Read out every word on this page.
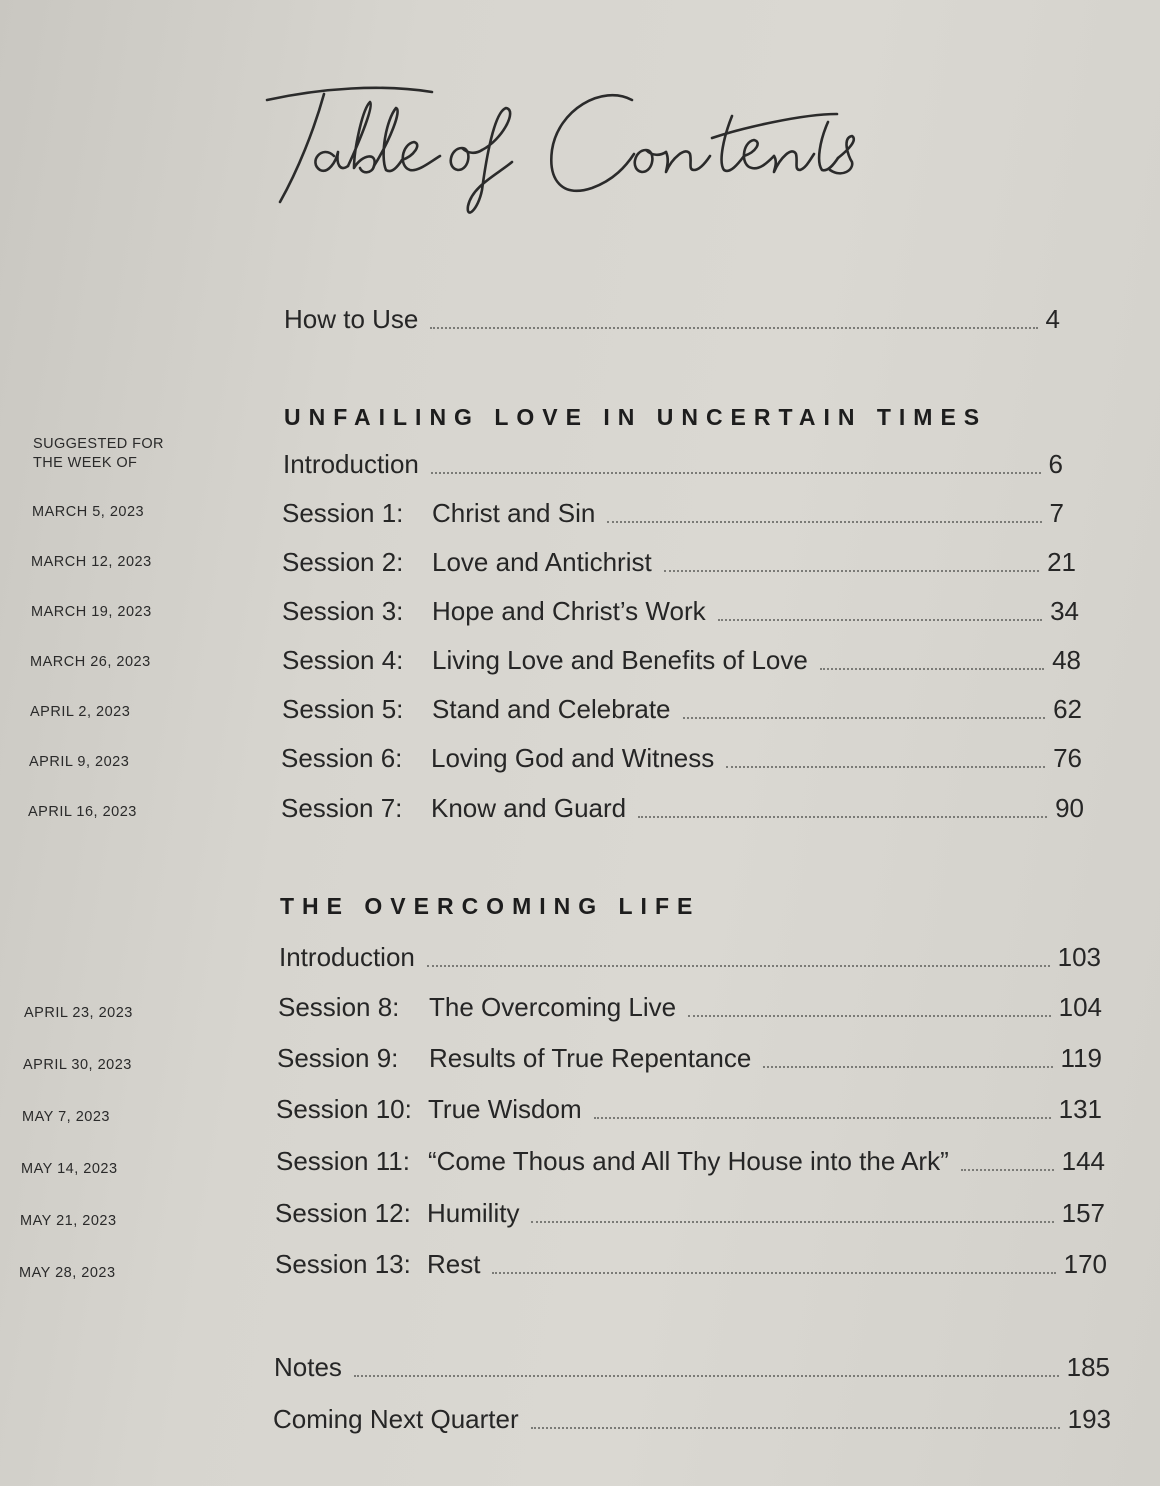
How to Use	4
UNFAILING LOVE IN UNCERTAIN TIMES
SUGGESTED FOR
THE WEEK OF	Introduction	6
MARCH 5, 2023	Session 1:	Christ and Sin	7
MARCH 12, 2023	Session 2:	Love and Antichrist	21
MARCH 19, 2023	Session 3:	Hope and Christ’s Work	34
MARCH 26, 2023	Session 4:	Living Love and Benefits of Love	48
APRIL 2, 2023	Session 5:	Stand and Celebrate	62
APRIL 9, 2023	Session 6:	Loving God and Witness	76
APRIL 16, 2023	Session 7:	Know and Guard	90
THE OVERCOMING LIFE
Introduction	103
APRIL 23, 2023	Session 8:	The Overcoming Live	104
APRIL 30, 2023	Session 9:	Results of True Repentance	119
MAY 7, 2023	Session 10: True Wisdom	131
MAY 14, 2023	Session 11: “Come Thous and All Thy House into the Ark”	144
MAY 21, 2023	Session 12: Humility	157
MAY 28, 2023	Session 13: Rest	170
Notes	185
Coming Next Quarter	193
